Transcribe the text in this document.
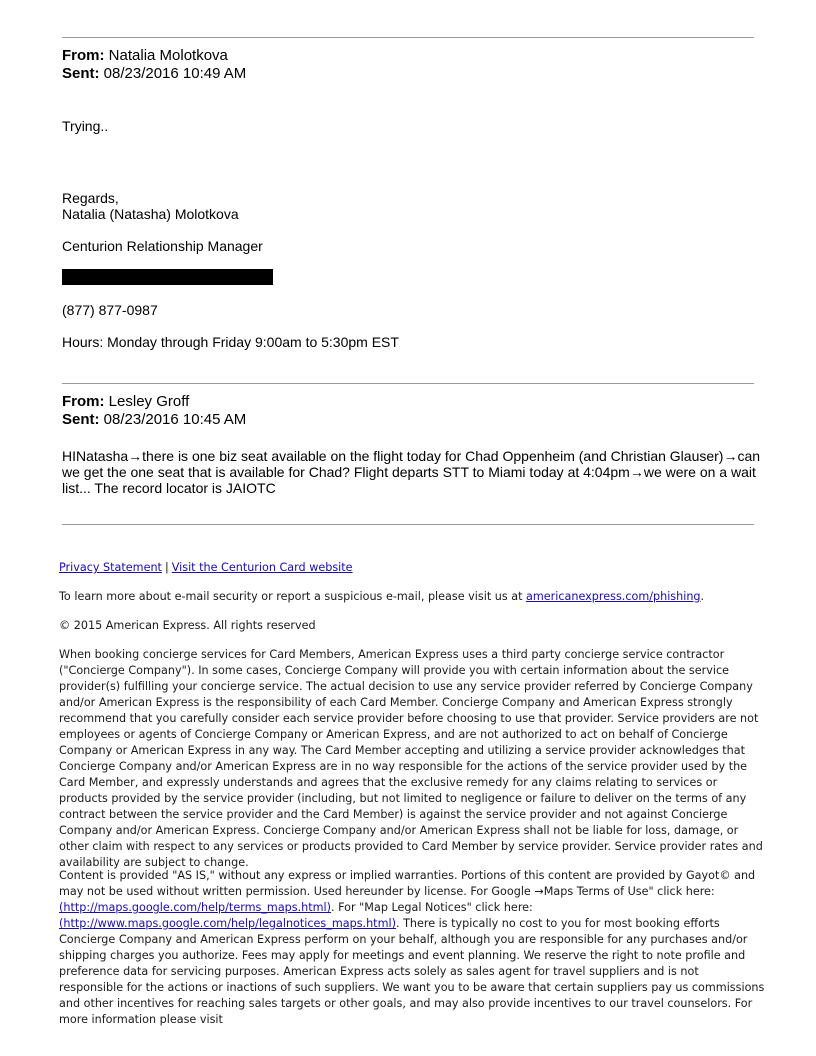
From: Natalia Molotkova
Sent: 08/23/2016 10:49 AM
Trying..
Regards,
Natalia (Natasha) Molotkova
Centurion Relationship Manager
(877) 877-0987
Hours: Monday through Friday 9:00am to 5:30pm EST
From: Lesley Groff
Sent: 08/23/2016 10:45 AM
HINatasha→there is one biz seat available on the flight today for Chad Oppenheim (and Christian Glauser)→can
we get the one seat that is available for Chad? Flight departs STT to Miami today at 4:04pm→we were on a wait
list... The record locator is JAIOTC
Privacy Statement | Visit the Centurion Card website
To learn more about e-mail security or report a suspicious e-mail, please visit us at americanexpress.com/phishing.
© 2015 American Express. All rights reserved
When booking concierge services for Card Members, American Express uses a third party concierge service contractor ("Concierge Company"). In some cases, Concierge Company will provide you with certain information about the service provider(s) fulfilling your concierge service. The actual decision to use any service provider referred by Concierge Company and/or American Express is the responsibility of each Card Member. Concierge Company and American Express strongly recommend that you carefully consider each service provider before choosing to use that provider. Service providers are not employees or agents of Concierge Company or American Express, and are not authorized to act on behalf of Concierge Company or American Express in any way. The Card Member accepting and utilizing a service provider acknowledges that Concierge Company and/or American Express are in no way responsible for the actions of the service provider used by the Card Member, and expressly understands and agrees that the exclusive remedy for any claims relating to services or products provided by the service provider (including, but not limited to negligence or failure to deliver on the terms of any contract between the service provider and the Card Member) is against the service provider and not against Concierge Company and/or American Express. Concierge Company and/or American Express shall not be liable for loss, damage, or other claim with respect to any services or products provided to Card Member by service provider. Service provider rates and availability are subject to change.
Content is provided "AS IS," without any express or implied warranties. Portions of this content are provided by Gayot© and may not be used without written permission. Used hereunder by license. For Google →Maps Terms of Use" click here: (http://maps.google.com/help/terms_maps.html). For "Map Legal Notices" click here: (http://www.maps.google.com/help/legalnotices_maps.html). There is typically no cost to you for most booking efforts Concierge Company and American Express perform on your behalf, although you are responsible for any purchases and/or shipping charges you authorize. Fees may apply for meetings and event planning. We reserve the right to note profile and preference data for servicing purposes. American Express acts solely as sales agent for travel suppliers and is not responsible for the actions or inactions of such suppliers. We want you to be aware that certain suppliers pay us commissions and other incentives for reaching sales targets or other goals, and may also provide incentives to our travel counselors. For more information please visit
